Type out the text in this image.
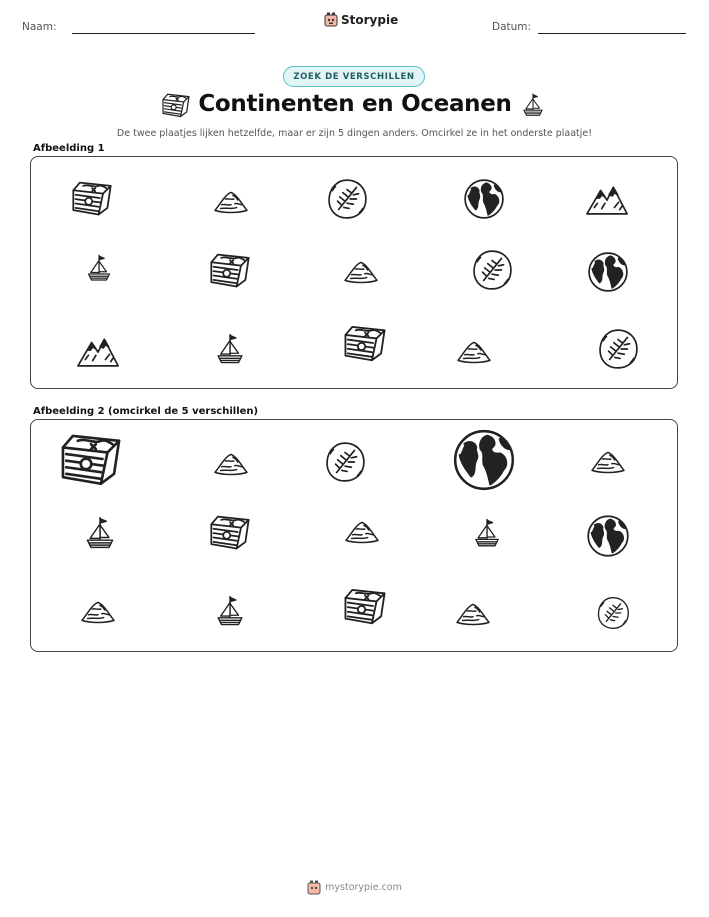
Naam:
Storypie
Datum:
ZOEK DE VERSCHILLEN
Continenten en Oceanen
De twee plaatjes lijken hetzelfde, maar er zijn 5 dingen anders. Omcirkel ze in het onderste plaatje!
Afbeelding 1
Afbeelding 2 (omcirkel de 5 verschillen)
mystorypie.com
